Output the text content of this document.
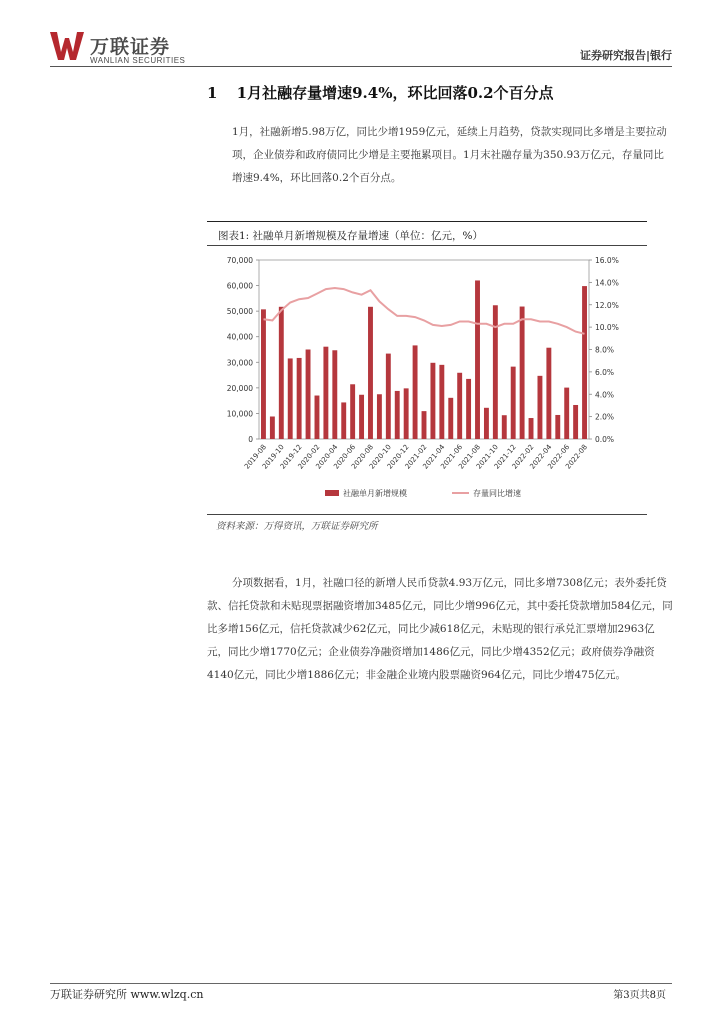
万联证券
WANLIAN SECURITIES	证券研究报告|银行
1 1月社融存量增速9.4%，环比回落0.2个百分点
1月，社融新增5.98万亿，同比少增1959亿元，延续上月趋势，贷款实现同比多增是主要拉动项，企业债券和政府债同比少增是主要拖累项目。1月末社融存量为350.93万亿元，存量同比增速9.4%，环比回落0.2个百分点。
图表1: 社融单月新增规模及存量增速（单位：亿元，%）
0
10,000
20,000
30,000
40,000
50,000
60,000
70,000
0.0%
2.0%
4.0%
6.0%
8.0%
10.0%
12.0%
14.0%
16.0%
2019-08
2019-10
2019-12
2020-02
2020-04
2020-06
2020-08
2020-10
2020-12
2021-02
2021-04
2021-06
2021-08
2021-10
2021-12
2022-02
2022-04
2022-06
2022-08
社融单月新增规模	存量同比增速
资料来源：万得资讯，万联证券研究所
分项数据看，1月，社融口径的新增人民币贷款4.93万亿元，同比多增7308亿元；表外委托贷款、信托贷款和未贴现票据融资增加3485亿元，同比少增996亿元，其中委托贷款增加584亿元，同比多增156亿元，信托贷款减少62亿元，同比少减618亿元，未贴现的银行承兑汇票增加2963亿元，同比少增1770亿元；企业债券净融资增加1486亿元，同比少增4352亿元；政府债券净融资4140亿元，同比少增1886亿元；非金融企业境内股票融资964亿元，同比少增475亿元。
万联证券研究所 www.wlzq.cn	第3页共8页
